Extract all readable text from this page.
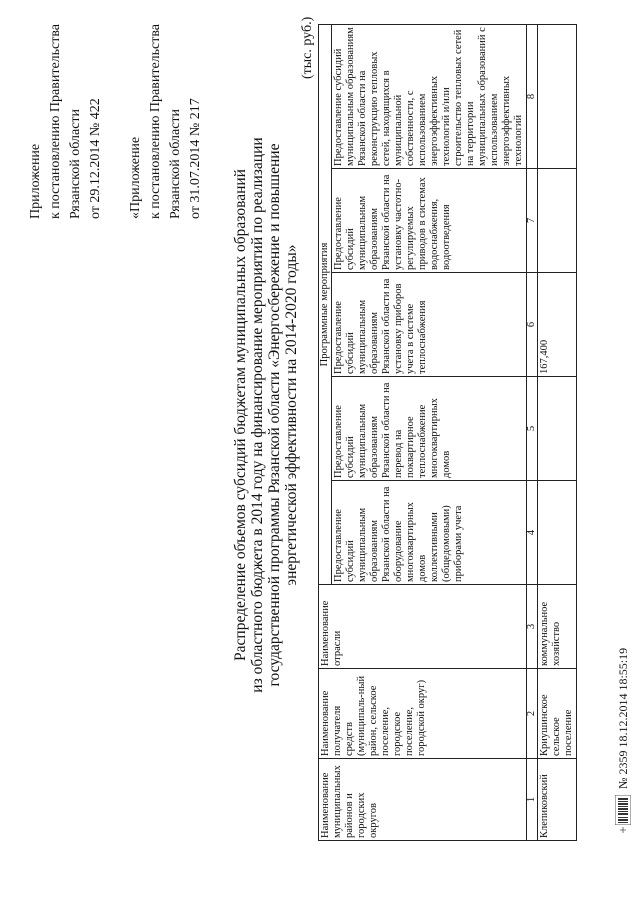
Приложение к постановлению Правительства Рязанской области от 29.12.2014 № 422 «Приложение к постановлению Правительства Рязанской области от 31.07.2014 № 217
Распределение объемов субсидий бюджетам муниципальных образований из областного бюджета в 2014 году на финансирование мероприятий по реализации государственной программы Рязанской области «Энергосбережение и повышение энергетической эффективности на 2014-2020 годы»
(тыс. руб.)
Наименование муниципальных районов и городских округов	Наименование получателя средств (муниципаль-ный район, сельское поселение, городское поселение, городской округ)	Наименование отрасли	Программные мероприятия				
			Предоставление субсидий муниципальным образованиям Рязанской области на оборудование многоквартирных домов коллективными (общедомовыми) приборами учета	Предоставление субсидий муниципальным образованиям Рязанской области на перевод на поквартирное теплоснабжение многоквартирных домов	Предоставление субсидий муниципальным образованиям Рязанской области на установку приборов учета в системе теплоснабжения	Предоставление субсидий муниципальным образованиям Рязанской области на установку частотно-регулируемых приводов в системах водоснабжения, водоотведения	Предоставление субсидий муниципальным образованиям Рязанской области на реконструкцию тепловых сетей, находящихся в муниципальной собственности, с использованием энергоэффективных технологий и/или строительство тепловых сетей на территории муниципальных образований с использованием энергоэффективных технологий
1	2	3	4	5	6	7	8
Клепиковский	Криушинское сельское поселение	коммунальное хозяйство			167,400		
№ 2359 18.12.2014 18:55:19
